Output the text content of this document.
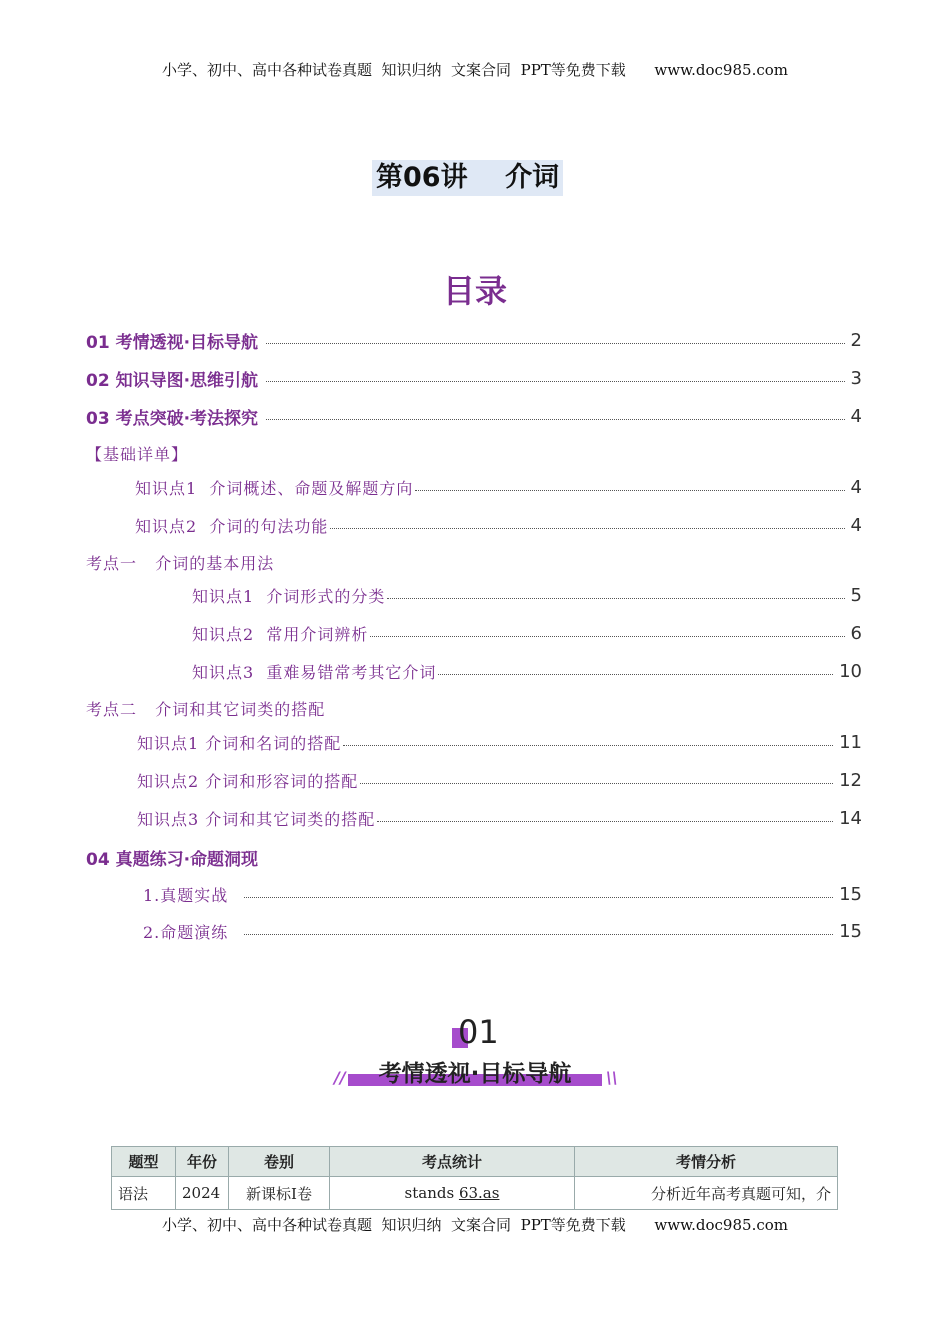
小学、初中、高中各种试卷真题  知识归纳  文案合同  PPT等免费下载      www.doc985.com
第06讲    介词
目录
01 考情透视·目标导航	2
02 知识导图·思维引航	3
03 考点突破·考法探究	4
【基础详单】
知识点1  介词概述、命题及解题方向	4
知识点2  介词的句法功能	4
考点一   介词的基本用法
知识点1  介词形式的分类	5
知识点2  常用介词辨析	6
知识点3  重难易错常考其它介词	10
考点二   介词和其它词类的搭配
知识点1 介词和名词的搭配	11
知识点2 介词和形容词的搭配	12
知识点3 介词和其它词类的搭配	14
04 真题练习·命题洞现
1.真题实战	15
2.命题演练	15
01
考情透视·目标导航
//	\\
题型	年份	卷别	考点统计	考情分析
语法	2024	新课标I卷	stands 63.as	分析近年高考真题可知，介
小学、初中、高中各种试卷真题  知识归纳  文案合同  PPT等免费下载      www.doc985.com
